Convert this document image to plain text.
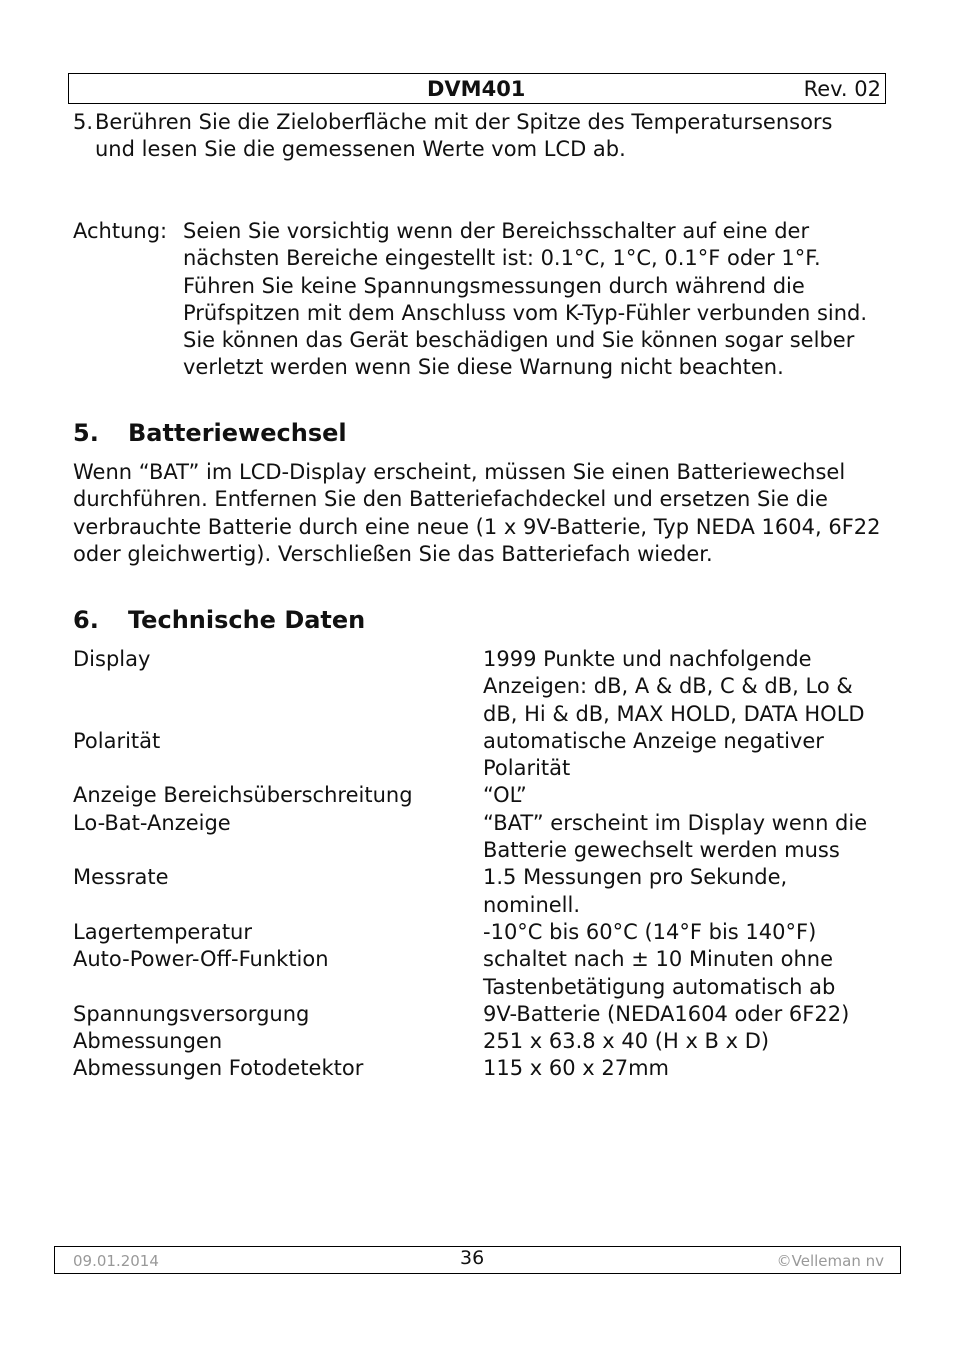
DVM401	Rev. 02
5. Berühren Sie die Zieloberfläche mit der Spitze des Temperatursensors und lesen Sie die gemessenen Werte vom LCD ab.
Achtung: Seien Sie vorsichtig wenn der Bereichsschalter auf eine der nächsten Bereiche eingestellt ist: 0.1°C, 1°C, 0.1°F oder 1°F. Führen Sie keine Spannungsmessungen durch während die Prüfspitzen mit dem Anschluss vom K-Typ-Fühler verbunden sind. Sie können das Gerät beschädigen und Sie können sogar selber verletzt werden wenn Sie diese Warnung nicht beachten.
5. Batteriewechsel
Wenn “BAT” im LCD-Display erscheint, müssen Sie einen Batteriewechsel durchführen. Entfernen Sie den Batteriefachdeckel und ersetzen Sie die verbrauchte Batterie durch eine neue (1 x 9V-Batterie, Typ NEDA 1604, 6F22 oder gleichwertig). Verschließen Sie das Batteriefach wieder.
6. Technische Daten
Display	1999 Punkte und nachfolgende Anzeigen: dB, A & dB, C & dB, Lo & dB, Hi & dB, MAX HOLD, DATA HOLD
Polarität	automatische Anzeige negativer Polarität
Anzeige Bereichsüberschreitung	“OL”
Lo-Bat-Anzeige	“BAT” erscheint im Display wenn die Batterie gewechselt werden muss
Messrate	1.5 Messungen pro Sekunde, nominell.
Lagertemperatur	-10°C bis 60°C (14°F bis 140°F)
Auto-Power-Off-Funktion	schaltet nach ± 10 Minuten ohne Tastenbetätigung automatisch ab
Spannungsversorgung	9V-Batterie (NEDA1604 oder 6F22)
Abmessungen	251 x 63.8 x 40 (H x B x D)
Abmessungen Fotodetektor	115 x 60 x 27mm
09.01.2014	36	©Velleman nv
